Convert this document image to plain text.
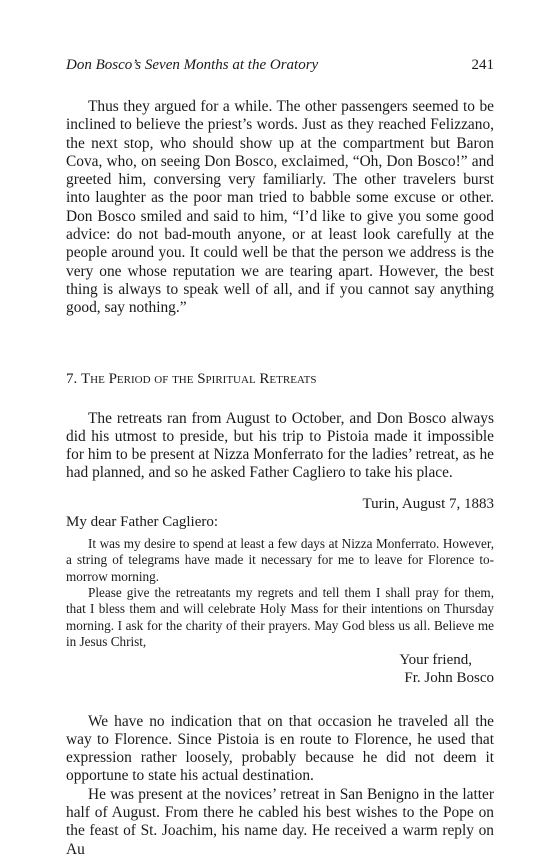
Don Bosco’s Seven Months at the Oratory	241

Thus they argued for a while. The other passengers seemed to be inclined to believe the priest’s words. Just as they reached Felizzano, the next stop, who should show up at the compartment but Baron Cova, who, on seeing Don Bosco, exclaimed, “Oh, Don Bosco!” and greeted him, conversing very familiarly. The other travelers burst into laughter as the poor man tried to babble some excuse or other. Don Bosco smiled and said to him, “I’d like to give you some good advice: do not bad-mouth anyone, or at least look carefully at the people around you. It could well be that the person we address is the very one whose reputation we are tearing apart. However, the best thing is always to speak well of all, and if you cannot say anything good, say nothing.”

7. The Period of the Spiritual Retreats

The retreats ran from August to October, and Don Bosco always did his utmost to preside, but his trip to Pistoia made it impossible for him to be present at Nizza Monferrato for the ladies’ retreat, as he had planned, and so he asked Father Cagliero to take his place.

Turin, August 7, 1883
My dear Father Cagliero:

It was my desire to spend at least a few days at Nizza Monferrato. However, a string of telegrams have made it necessary for me to leave for Florence tomorrow morning.

Please give the retreatants my regrets and tell them I shall pray for them, that I bless them and will celebrate Holy Mass for their intentions on Thursday morning. I ask for the charity of their prayers. May God bless us all. Believe me in Jesus Christ,

Your friend,
Fr. John Bosco

We have no indication that on that occasion he traveled all the way to Florence. Since Pistoia is en route to Florence, he used that expression rather loosely, probably because he did not deem it opportune to state his actual destination.

He was present at the novices’ retreat in San Benigno in the latter half of August. From there he cabled his best wishes to the Pope on the feast of St. Joachim, his name day. He received a warm reply on Au
